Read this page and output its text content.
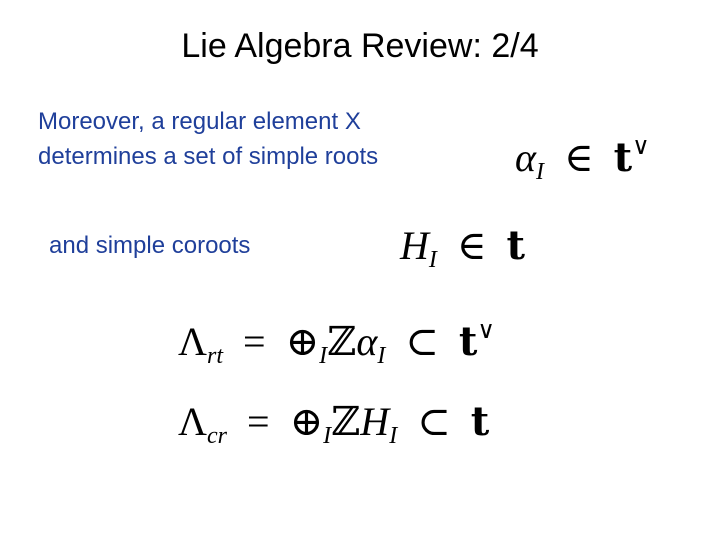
Lie Algebra Review: 2/4
Moreover, a regular element X
determines a set of simple roots
and simple coroots
$\alpha_I$ ∈ t∨
$H_I$ ∈ t
$\Lambda_{rt}$ = $\oplus_Iℤ\alpha_I$ ⊂ t∨
$\Lambda_{cr}$ = $\oplus_IℤH_I$ ⊂ t
